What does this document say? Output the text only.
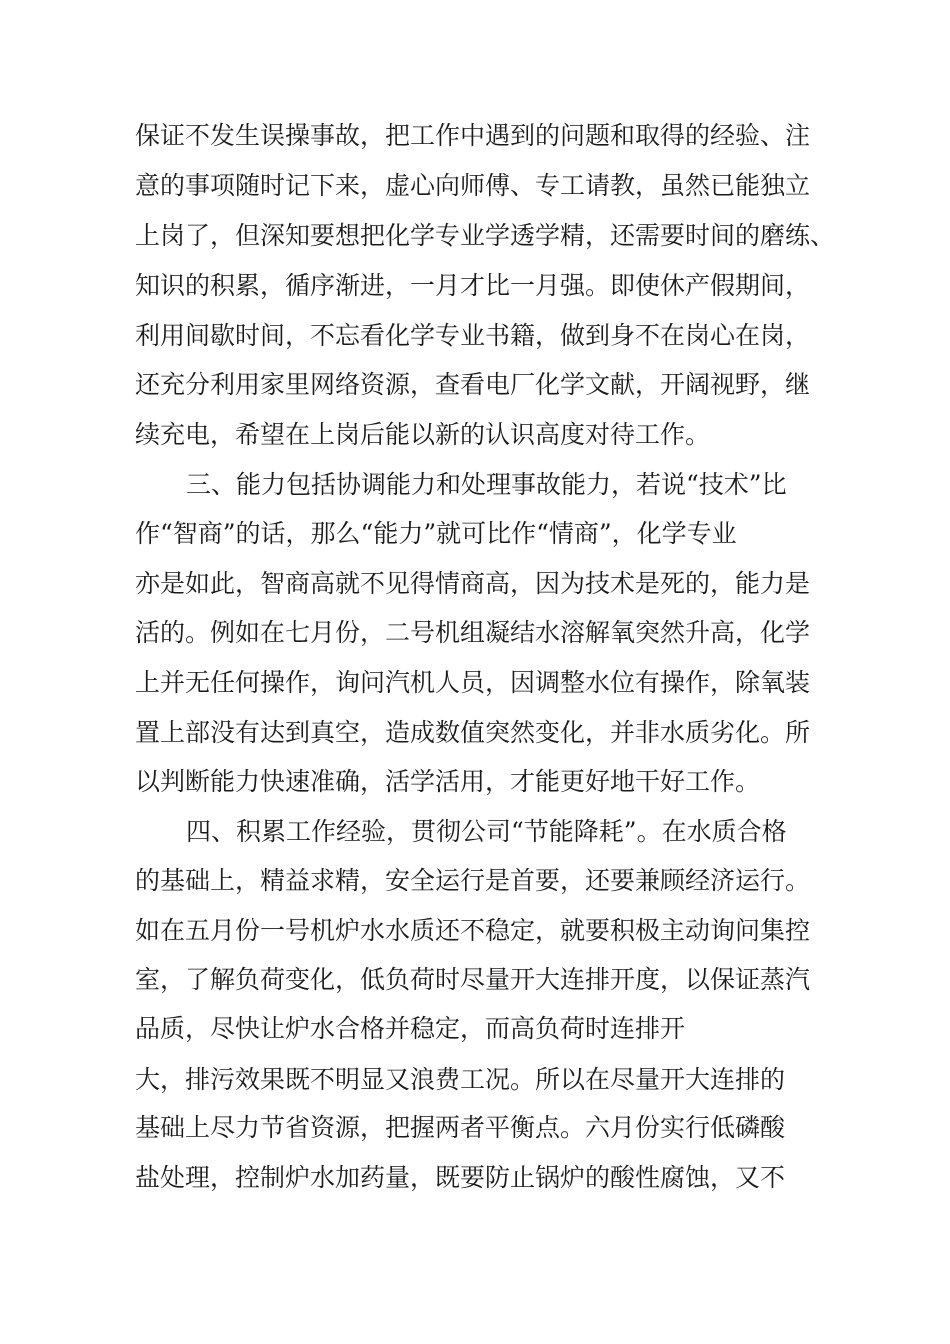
保证不发生误操事故，把工作中遇到的问题和取得的经验、注
意的事项随时记下来，虚心向师傅、专工请教，虽然已能独立
上岗了，但深知要想把化学专业学透学精，还需要时间的磨练、
知识的积累，循序渐进，一月才比一月强。即使休产假期间，
利用间歇时间，不忘看化学专业书籍，做到身不在岗心在岗，
还充分利用家里网络资源，查看电厂化学文献，开阔视野，继
续充电，希望在上岗后能以新的认识高度对待工作。
三、能力包括协调能力和处理事故能力，若说“技术”比
作“智商”的话，那么“能力”就可比作“情商”，化学专业
亦是如此，智商高就不见得情商高，因为技术是死的，能力是
活的。例如在七月份，二号机组凝结水溶解氧突然升高，化学
上并无任何操作，询问汽机人员，因调整水位有操作，除氧装
置上部没有达到真空，造成数值突然变化，并非水质劣化。所
以判断能力快速准确，活学活用，才能更好地干好工作。
四、积累工作经验，贯彻公司“节能降耗”。在水质合格
的基础上，精益求精，安全运行是首要，还要兼顾经济运行。
如在五月份一号机炉水水质还不稳定，就要积极主动询问集控
室，了解负荷变化，低负荷时尽量开大连排开度，以保证蒸汽
品质，尽快让炉水合格并稳定，而高负荷时连排开
大，排污效果既不明显又浪费工况。所以在尽量开大连排的
基础上尽力节省资源，把握两者平衡点。六月份实行低磷酸
盐处理，控制炉水加药量，既要防止锅炉的酸性腐蚀，又不
